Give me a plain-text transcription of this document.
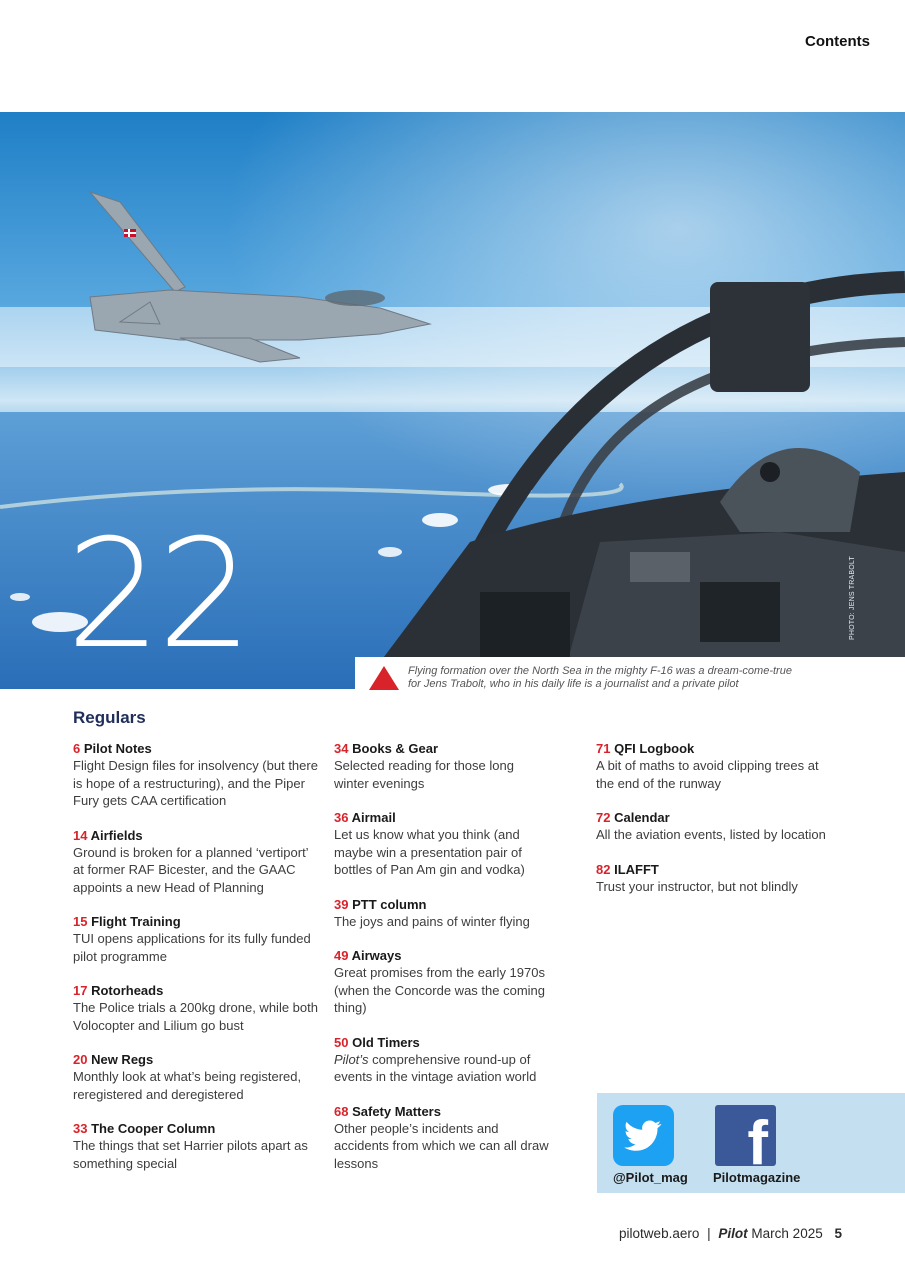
Contents
22	PHOTO: JENS TRABOLT
Flying formation over the North Sea in the mighty F-16 was a dream-come-true
for Jens Trabolt, who in his daily life is a journalist and a private pilot
Regulars
6 Pilot Notes
Flight Design files for insolvency (but there is hope of a restructuring), and the Piper Fury gets CAA certification
14 Airfields
Ground is broken for a planned ‘vertiport’ at former RAF Bicester, and the GAAC appoints a new Head of Planning
15 Flight Training
TUI opens applications for its fully funded pilot programme
17 Rotorheads
The Police trials a 200kg drone, while both Volocopter and Lilium go bust
20 New Regs
Monthly look at what’s being registered, reregistered and deregistered
33 The Cooper Column
The things that set Harrier pilots apart as something special
34 Books & Gear
Selected reading for those long winter evenings
36 Airmail
Let us know what you think (and maybe win a presentation pair of bottles of Pan Am gin and vodka)
39 PTT column
The joys and pains of winter flying
49 Airways
Great promises from the early 1970s (when the Concorde was the coming thing)
50 Old Timers
Pilot’s comprehensive round-up of events in the vintage aviation world
68 Safety Matters
Other people’s incidents and accidents from which we can all draw lessons
71 QFI Logbook
A bit of maths to avoid clipping trees at the end of the runway
72 Calendar
All the aviation events, listed by location
82 ILAFFT
Trust your instructor, but not blindly
@Pilot_mag f
Pilotmagazine
pilotweb.aero | Pilot March 2025 5
